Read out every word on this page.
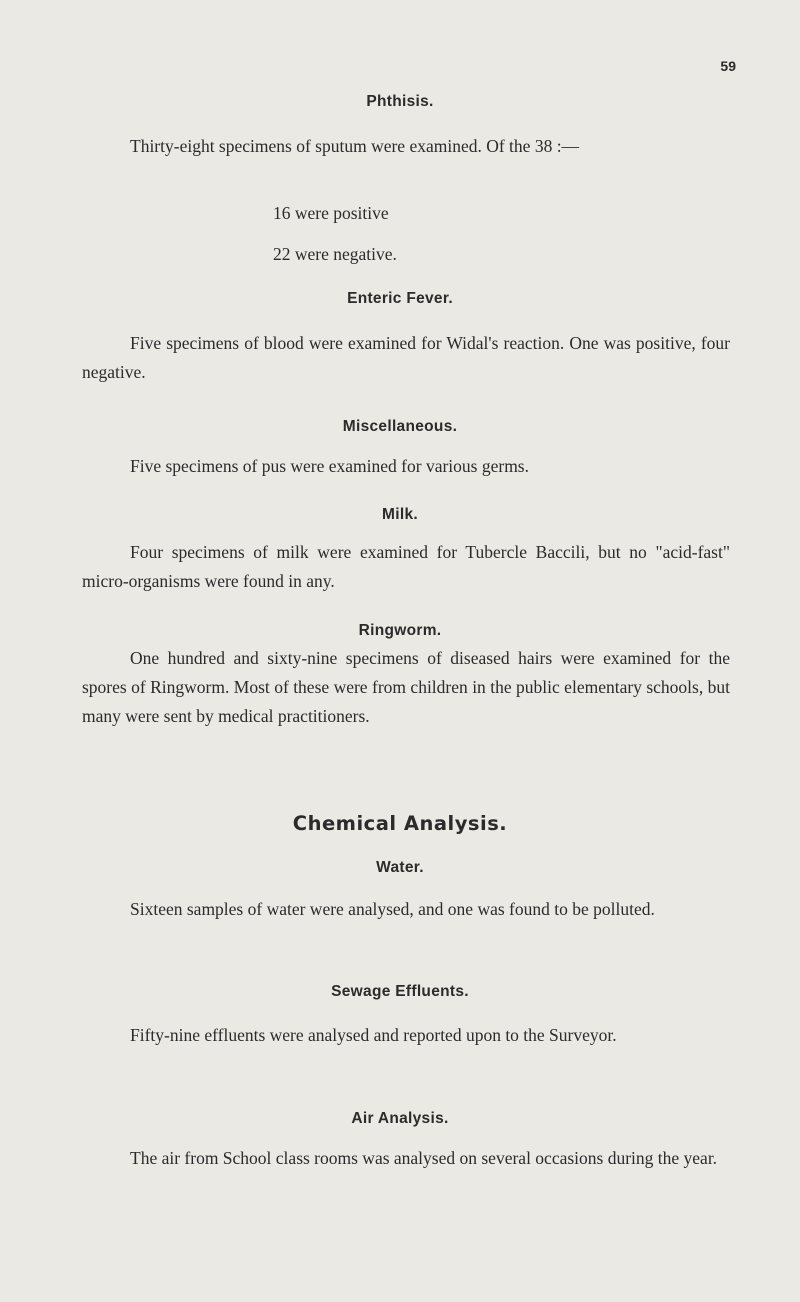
59
Phthisis.

Thirty-eight specimens of sputum were examined. Of the 38 :—

16 were positive

22 were negative.

Enteric Fever.

Five specimens of blood were examined for Widal's reaction. One was positive, four negative.

Miscellaneous.

Five specimens of pus were examined for various germs.

Milk.

Four specimens of milk were examined for Tubercle Baccili, but no "acid-fast" micro-organisms were found in any.

Ringworm.

One hundred and sixty-nine specimens of diseased hairs were examined for the spores of Ringworm. Most of these were from children in the public elementary schools, but many were sent by medical practitioners.

Chemical Analysis.
Water.

Sixteen samples of water were analysed, and one was found to be polluted.

Sewage Effluents.

Fifty-nine effluents were analysed and reported upon to the Surveyor.

Air Analysis.

The air from School class rooms was analysed on several occasions during the year.
